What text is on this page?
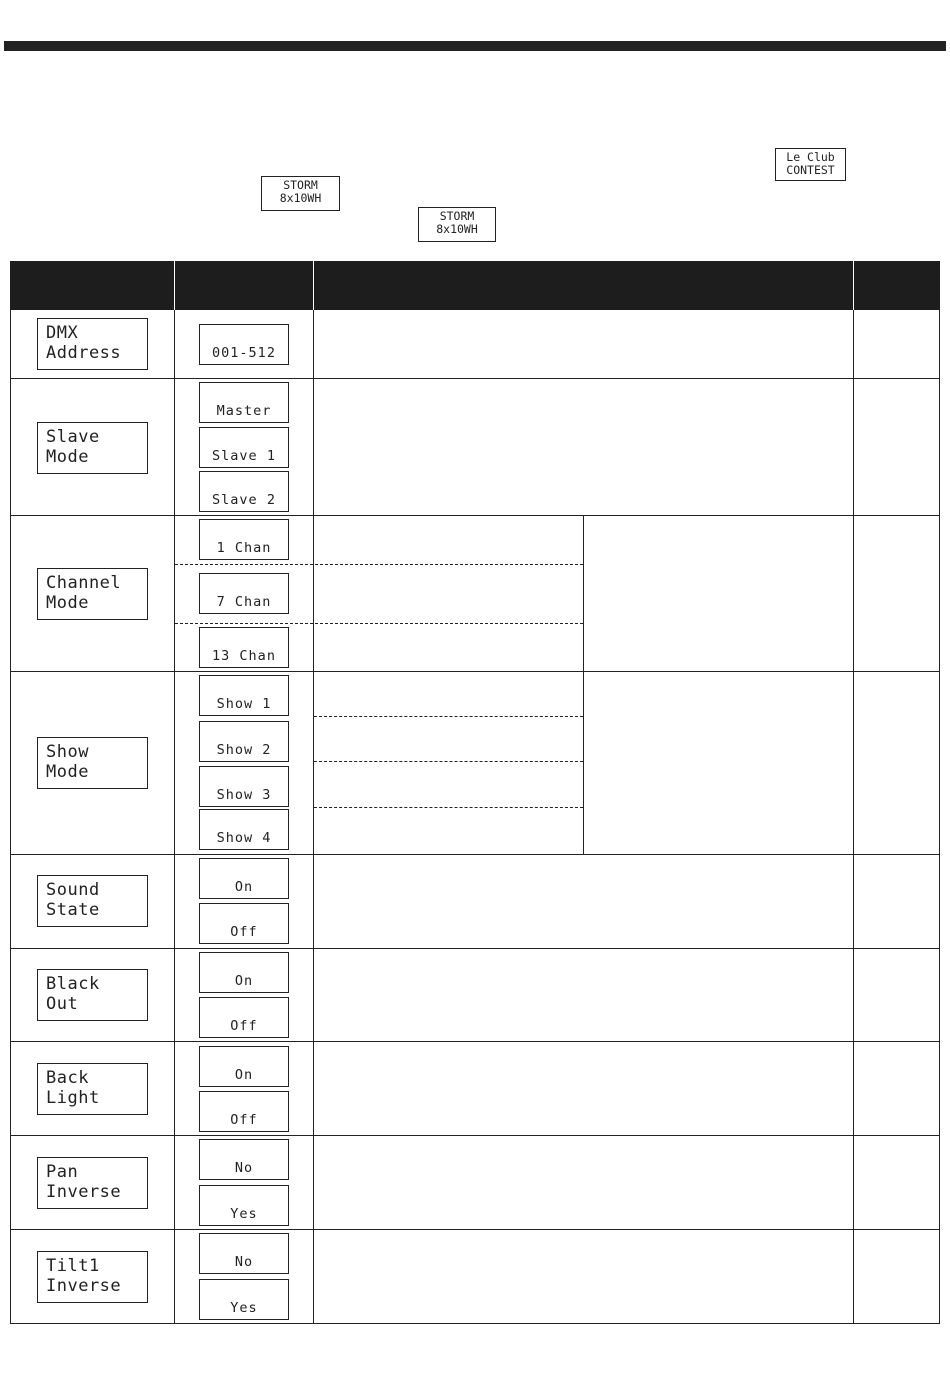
Le Club
CONTEST
STORM
8x10WH
STORM
8x10WH
DMX
Address	001-512
Slave
Mode
Master
Slave 1
Slave 2
Channel
Mode
1 Chan
7 Chan
13 Chan
Show
Mode
Show 1
Show 2
Show 3
Show 4
Sound
State
On
Off
Black
Out
On
Off
Back
Light
On
Off
Pan
Inverse
No
Yes
Tilt1
Inverse
No
Yes
